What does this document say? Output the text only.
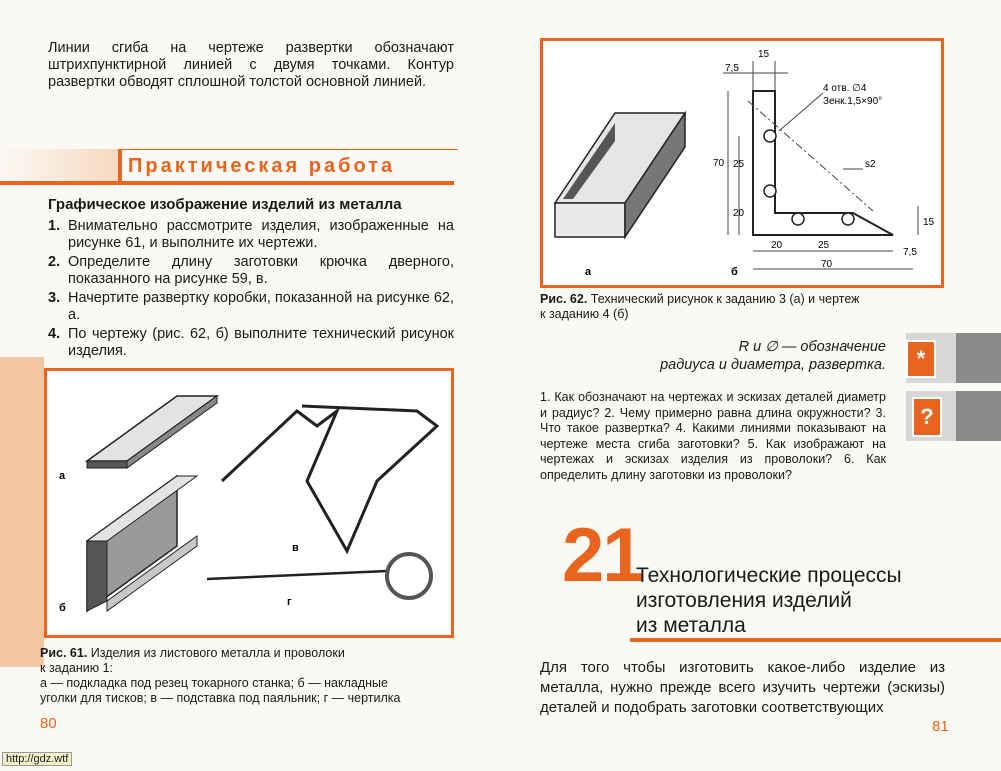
Линии сгиба на чертеже развертки обозначают штрихпунктирной линией с двумя точками. Контур развертки обводят сплошной толстой основной линией.
Практическая работа
Графическое изображение изделий из металла
1. Внимательно рассмотрите изделия, изображенные на рисунке 61, и выполните их чертежи.
2. Определите длину заготовки крючка дверного, показанного на рисунке 59, в.
3. Начертите развертку коробки, показанной на рисунке 62, а.
4. По чертежу (рис. 62, б) выполните технический рисунок изделия.
а
б
в
г
Рис. 61. Изделия из листового металла и проволоки
к заданию 1:
а — подкладка под резец токарного станка; б — накладные
уголки для тисков; в — подставка под паяльник; г — чертилка
80
http://gdz.wtf
а
15
7,5
4 отв. ∅4
Зенк.1,5×90°
70 25
20
s2
15
20	25
70
7,5
б
Рис. 62. Технический рисунок к заданию 3 (а) и чертеж
к заданию 4 (б)
R и ∅ — обозначение
радиуса и диаметра, развертка.	*
?
1. Как обозначают на чертежах и эскизах деталей диаметр и радиус? 2. Чему примерно равна длина окружности? 3. Что такое развертка? 4. Какими линиями показывают на чертеже места сгиба заготовки? 5. Как изображают на чертежах и эскизах изделия из проволоки? 6. Как определить длину заготовки из проволоки?
21
Технологические процессы
изготовления изделий
из металла
Для того чтобы изготовить какое-либо изделие из металла, нужно прежде всего изучить чертежи (эскизы) деталей и подобрать заготовки соответствующих
81
